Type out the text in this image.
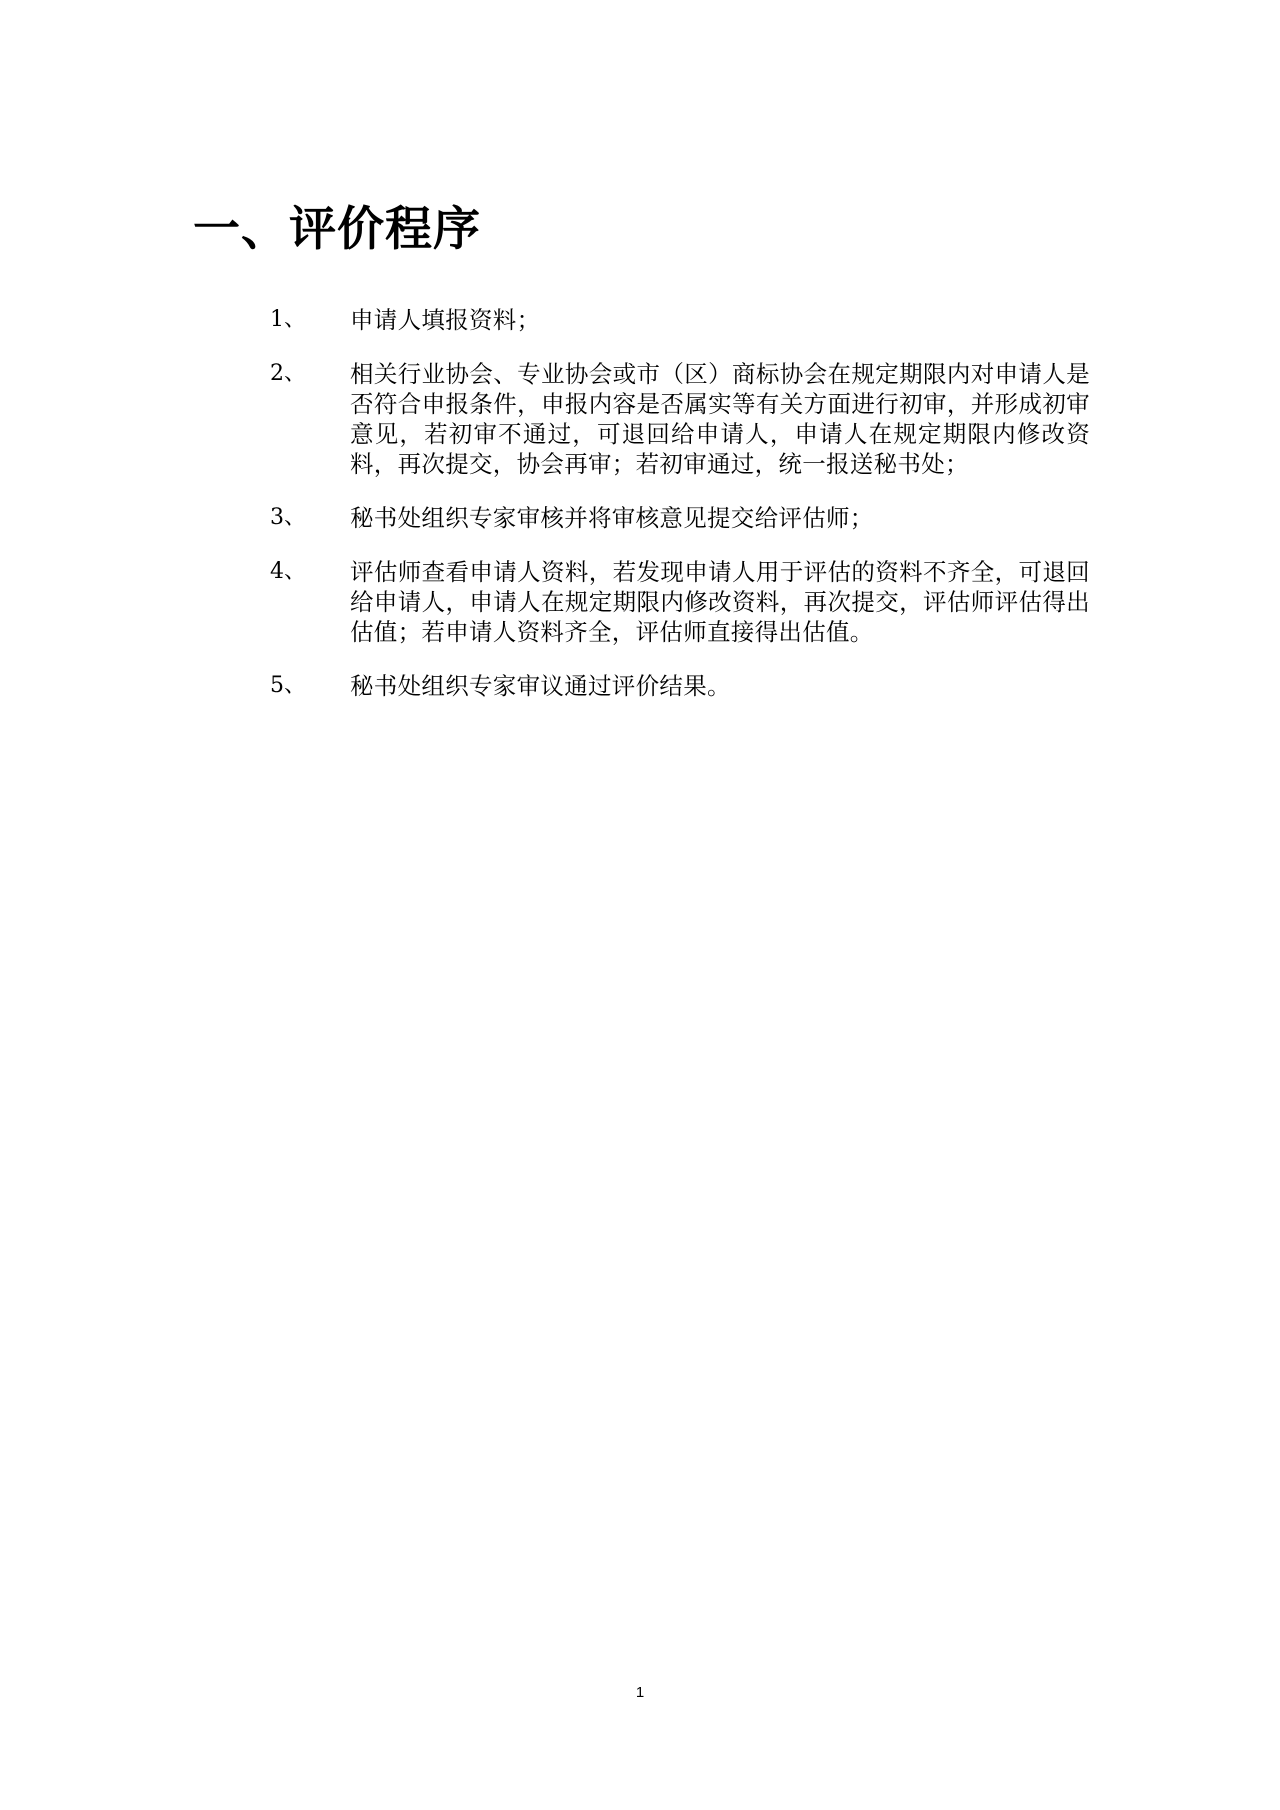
一、评价程序
1、	申请人填报资料；
2、	相关行业协会、专业协会或市（区）商标协会在规定期限内对申请人是否符合申报条件，申报内容是否属实等有关方面进行初审，并形成初审意见，若初审不通过，可退回给申请人，申请人在规定期限内修改资料，再次提交，协会再审；若初审通过，统一报送秘书处；
3、	秘书处组织专家审核并将审核意见提交给评估师；
4、	评估师查看申请人资料，若发现申请人用于评估的资料不齐全，可退回给申请人，申请人在规定期限内修改资料，再次提交，评估师评估得出估值；若申请人资料齐全，评估师直接得出估值。
5、	秘书处组织专家审议通过评价结果。
1
